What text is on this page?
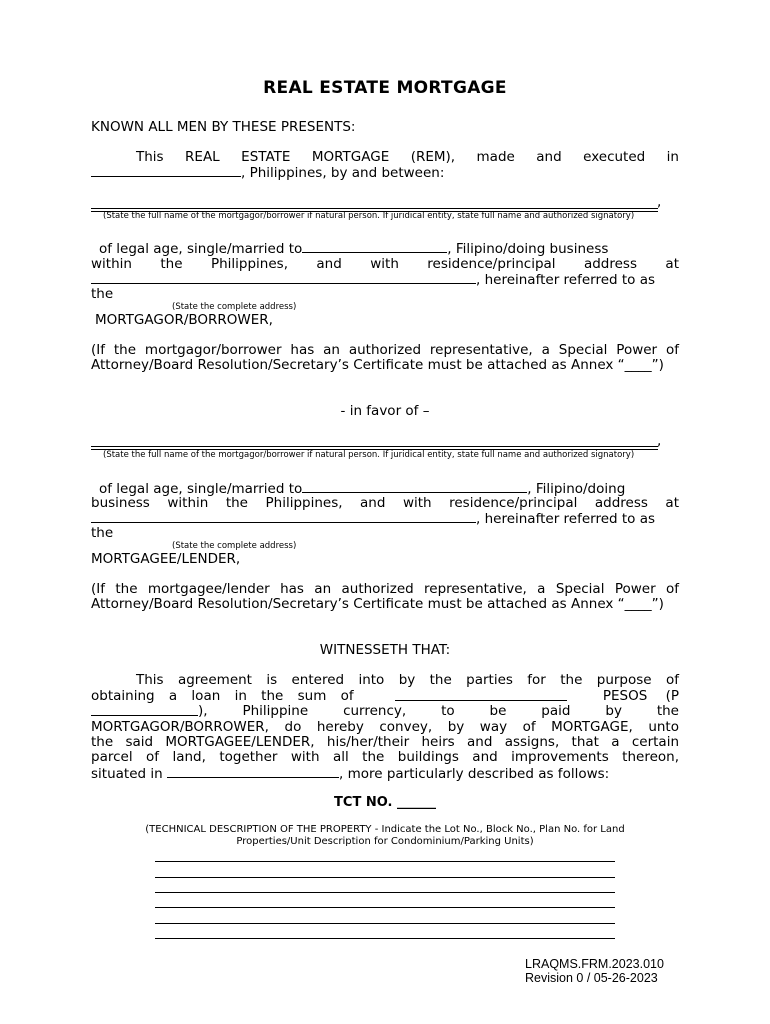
REAL ESTATE MORTGAGE
KNOWN ALL MEN BY THESE PRESENTS:
This REAL ESTATE MORTGAGE (REM), made and executed in
, Philippines, by and between:
,
(State the full name of the mortgagor/borrower if natural person. If juridical entity, state full name and authorized signatory)
of legal age, single/married to	, Filipino/doing business
within the Philippines, and with residence/principal address at
, hereinafter referred to as
the
(State the complete address)
MORTGAGOR/BORROWER,
(If the mortgagor/borrower has an authorized representative, a Special Power of Attorney/Board Resolution/Secretary’s Certificate must be attached as Annex “____”)
- in favor of –
,
(State the full name of the mortgagor/borrower if natural person. If juridical entity, state full name and authorized signatory)
of legal age, single/married to	, Filipino/doing
business within the Philippines, and with residence/principal address at
, hereinafter referred to as
the
(State the complete address)
MORTGAGEE/LENDER,
(If the mortgagee/lender has an authorized representative, a Special Power of Attorney/Board Resolution/Secretary’s Certificate must be attached as Annex “____”)
WITNESSETH THAT:
This agreement is entered into by the parties for the purpose of
obtaining a loan in the sum of	PESOS (P
), Philippine currency, to be paid by the
MORTGAGOR/BORROWER, do hereby convey, by way of MORTGAGE, unto
the said MORTGAGEE/LENDER, his/her/their heirs and assigns, that a certain
parcel of land, together with all the buildings and improvements thereon,
situated in	, more particularly described as follows:
TCT NO. ______
(TECHNICAL DESCRIPTION OF THE PROPERTY - Indicate the Lot No., Block No., Plan No. for Land
Properties/Unit Description for Condominium/Parking Units)
LRAQMS.FRM.2023.010
Revision 0 / 05-26-2023
